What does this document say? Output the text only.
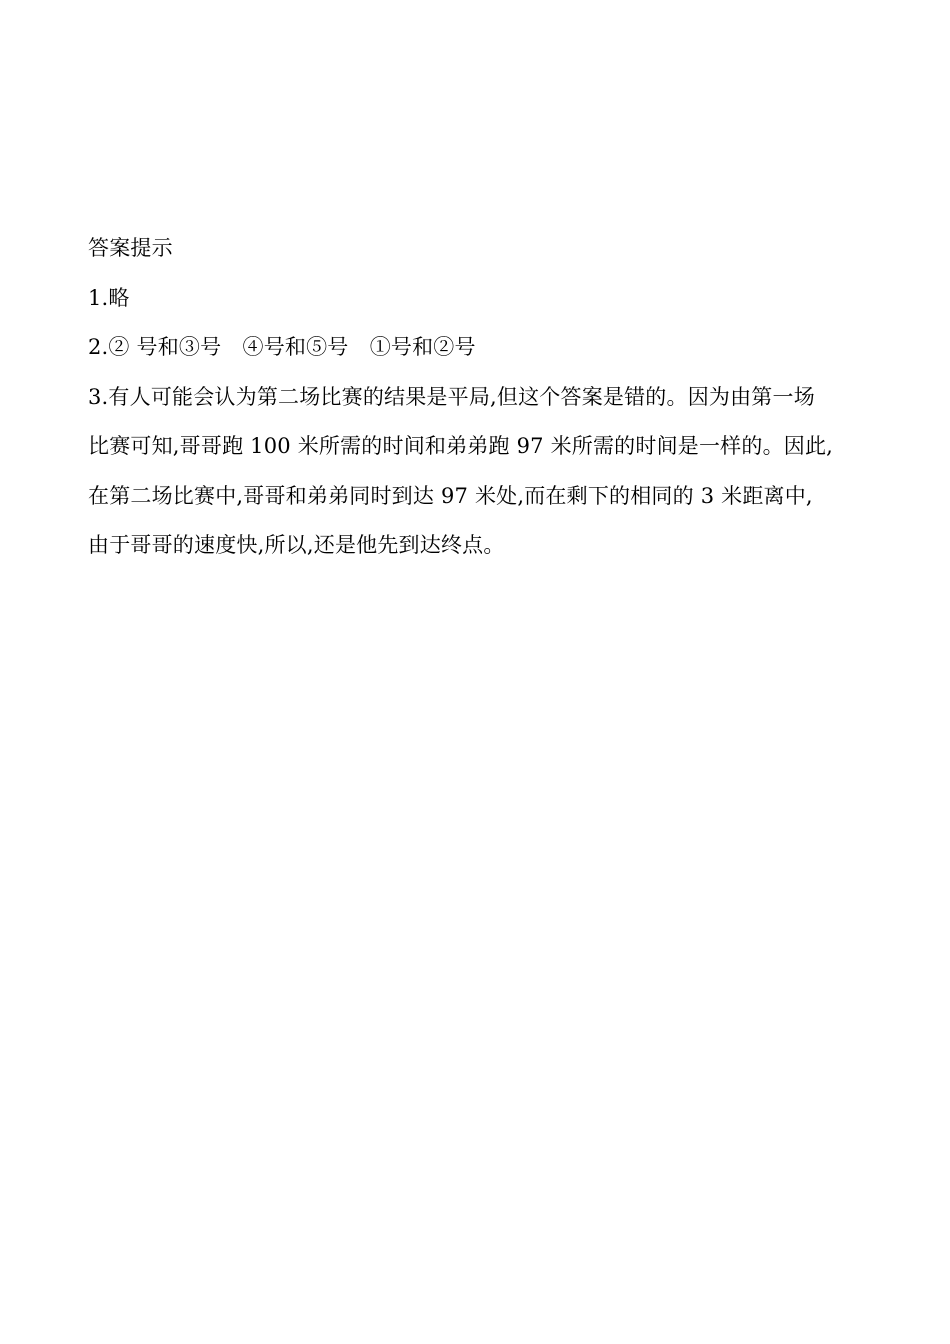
答案提示

1.略

2.② 号和③号　④号和⑤号　①号和②号

3.有人可能会认为第二场比赛的结果是平局,但这个答案是错的。因为由第一场

比赛可知,哥哥跑 100 米所需的时间和弟弟跑 97 米所需的时间是一样的。因此,

在第二场比赛中,哥哥和弟弟同时到达 97 米处,而在剩下的相同的 3 米距离中,

由于哥哥的速度快,所以,还是他先到达终点。
